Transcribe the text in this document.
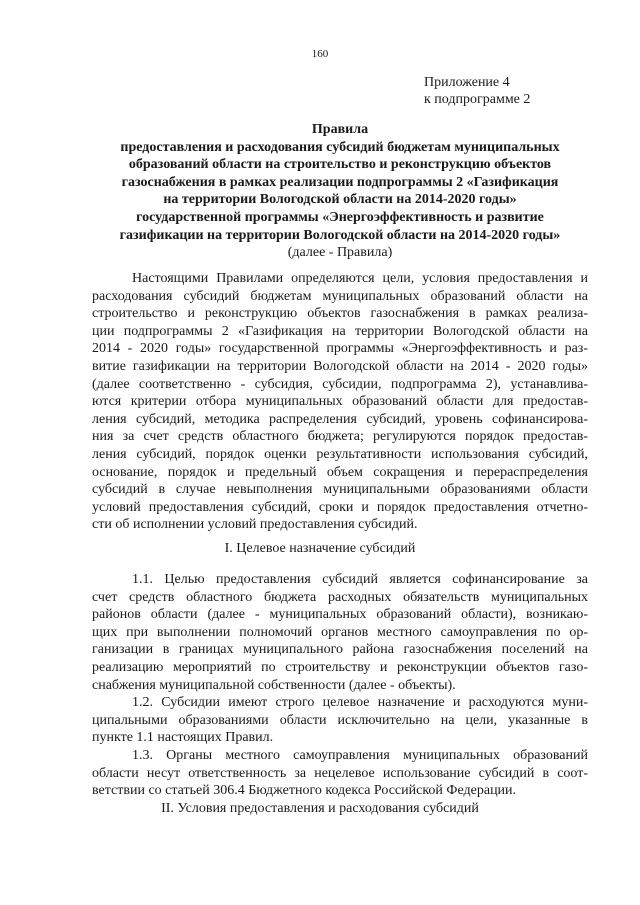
160
Приложение 4
к подпрограмме 2
Правила
предоставления и расходования субсидий бюджетам муниципальных
образований области на строительство и реконструкцию объектов
газоснабжения в рамках реализации подпрограммы 2 «Газификация
на территории Вологодской области на 2014-2020 годы»
государственной программы «Энергоэффективность и развитие
газификации на территории Вологодской области на 2014-2020 годы»
(далее - Правила)
Настоящими Правилами определяются цели, условия предоставления и
расходования субсидий бюджетам муниципальных образований области на
строительство и реконструкцию объектов газоснабжения в рамках реализа-
ции подпрограммы 2 «Газификация на территории Вологодской области на
2014 - 2020 годы» государственной программы «Энергоэффективность и раз-
витие газификации на территории Вологодской области на 2014 - 2020 годы»
(далее соответственно - субсидия, субсидии, подпрограмма 2), устанавлива-
ются критерии отбора муниципальных образований области для предостав-
ления субсидий, методика распределения субсидий, уровень софинансирова-
ния за счет средств областного бюджета; регулируются порядок предостав-
ления субсидий, порядок оценки результативности использования субсидий,
основание, порядок и предельный объем сокращения и перераспределения
субсидий в случае невыполнения муниципальными образованиями области
условий предоставления субсидий, сроки и порядок предоставления отчетно-
сти об исполнении условий предоставления субсидий.
I. Целевое назначение субсидий
1.1. Целью предоставления субсидий является софинансирование за
счет средств областного бюджета расходных обязательств муниципальных
районов области (далее - муниципальных образований области), возникаю-
щих при выполнении полномочий органов местного самоуправления по ор-
ганизации в границах муниципального района газоснабжения поселений на
реализацию мероприятий по строительству и реконструкции объектов газо-
снабжения муниципальной собственности (далее - объекты).
1.2. Субсидии имеют строго целевое назначение и расходуются муни-
ципальными образованиями области исключительно на цели, указанные в
пункте 1.1 настоящих Правил.
1.3. Органы местного самоуправления муниципальных образований
области несут ответственность за нецелевое использование субсидий в соот-
ветствии со статьей 306.4 Бюджетного кодекса Российской Федерации.
II. Условия предоставления и расходования субсидий
